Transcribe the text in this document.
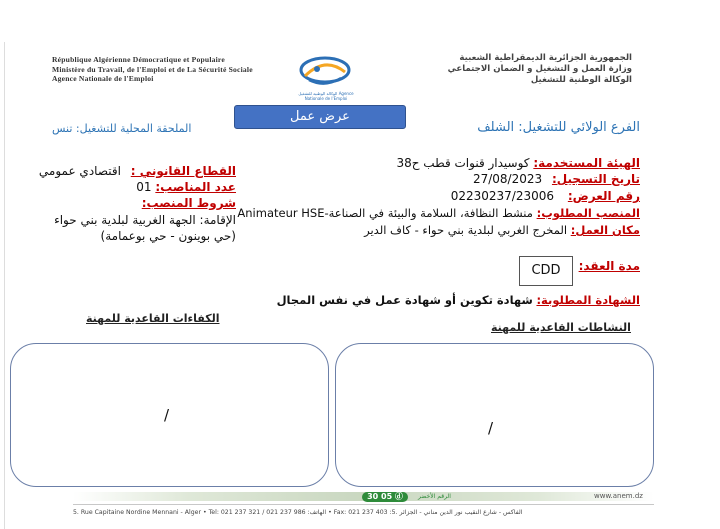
République Algérienne Démocratique et Populaire
Ministère du Travail, de l'Emploi et de La Sécurité Sociale
Agence Nationale de l'Emploi
الوكالة الوطنية للتشغيل Agence Nationale de l'Emploi
الجمهورية الجزائرية الديمقراطية الشعبية
وزارة العمل و التشغيل و الضمان الاجتماعي
الوكالة الوطنية للتشغيل
عرض عمل
الفرع الولائي للتشغيل: الشلف
الملحقة المحلية للتشغيل: تنس
الهيئة المستخدمة: كوسيدار قنوات قطب ح38
تاريخ التسجيل: 27/08/2023
رقم العرض: 02230237/23006
المنصب المطلوب: منشط النظافة، السلامة والبيئة في الصناعة-Animateur HSE
مكان العمل: المخرج الغربي لبلدية بني حواء - كاف الدير
القطاع القانوني : اقتصادي عمومي
عدد المناصب: 01
شروط المنصب:
الإقامة: الجهة الغربية لبلدية بني حواء
(حي بوينون - حي بوعمامة)
مدة العقد:
CDD
الشهادة المطلوبة: شهادة تكوين أو شهادة عمل في نفس المجال
الكفاءات القاعدية للمهنة
النشاطات القاعدية للمهنة
/
/
30 05 ⓓ	الرقم الأخضر	www.anem.dz
5. Rue Capitaine Nordine Mennani - Alger • Tel: 021 237 321 / 021 237 986 :الهاتف • Fax: 021 237 403 :الفاكس - شارع النقيب نور الدين مناني - الجزائر .5
